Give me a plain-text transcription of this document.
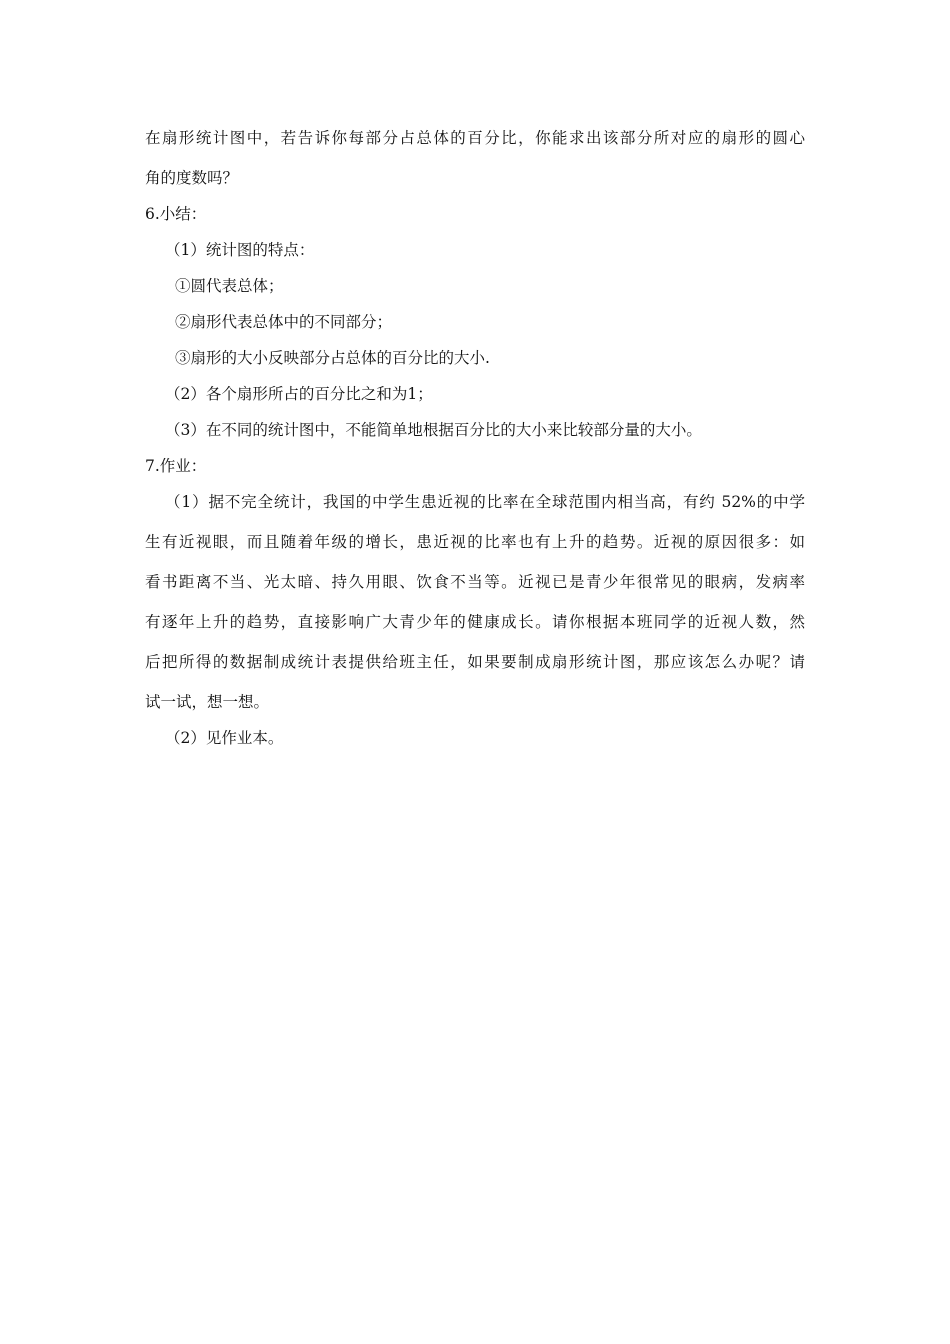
在扇形统计图中，若告诉你每部分占总体的百分比，你能求出该部分所对应的扇形的圆心
角的度数吗？
6.小结：
（1）统计图的特点：
①圆代表总体；
②扇形代表总体中的不同部分；
③扇形的大小反映部分占总体的百分比的大小.
（2）各个扇形所占的百分比之和为1；
（3）在不同的统计图中，不能简单地根据百分比的大小来比较部分量的大小。
7.作业：
（1）据不完全统计，我国的中学生患近视的比率在全球范围内相当高，有约 52%的中学
生有近视眼，而且随着年级的增长，患近视的比率也有上升的趋势。近视的原因很多：如
看书距离不当、光太暗、持久用眼、饮食不当等。近视已是青少年很常见的眼病，发病率
有逐年上升的趋势，直接影响广大青少年的健康成长。请你根据本班同学的近视人数，然
后把所得的数据制成统计表提供给班主任，如果要制成扇形统计图，那应该怎么办呢？请
试一试，想一想。
（2）见作业本。
